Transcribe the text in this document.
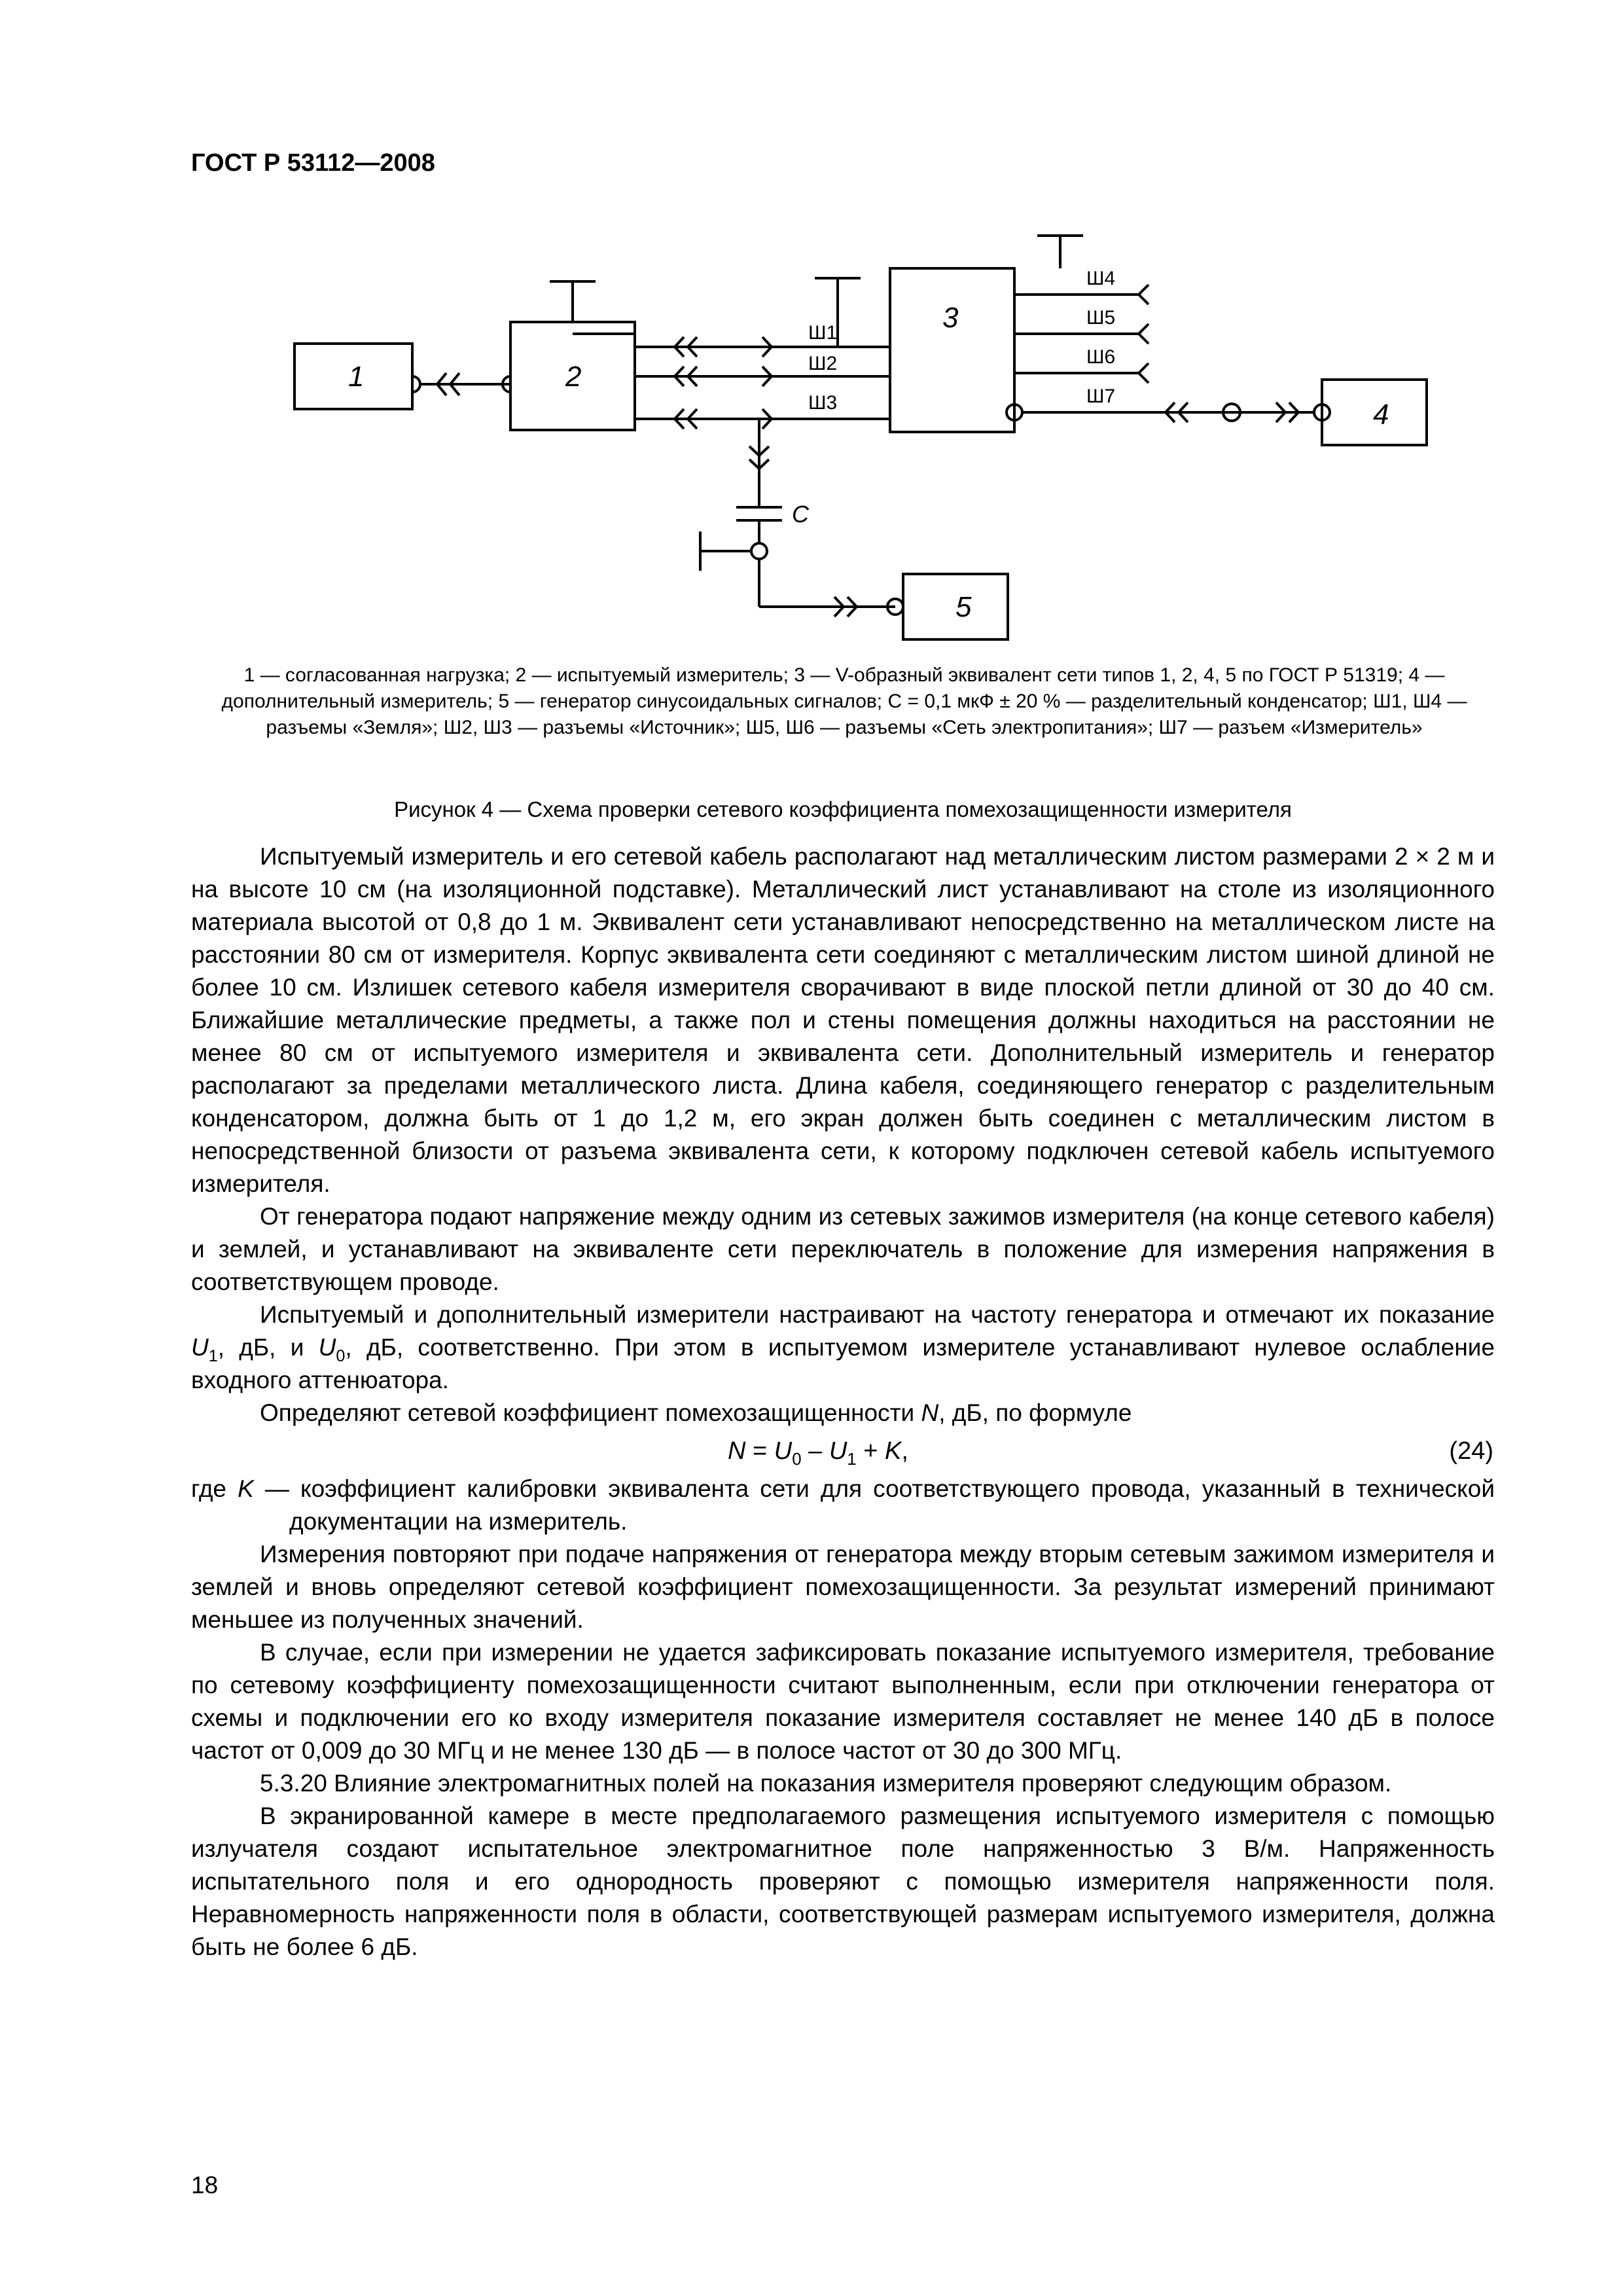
ГОСТ Р 53112—2008
1	2
3
4
5
C
Ш1
Ш2
Ш3
Ш4
Ш5
Ш6
Ш7
1 — согласованная нагрузка; 2 — испытуемый измеритель; 3 — V-образный эквивалент сети типов 1, 2, 4, 5 по ГОСТ Р 51319; 4 — дополнительный измеритель; 5 — генератор синусоидальных сигналов; С = 0,1 мкФ ± 20 % — разделительный конденсатор; Ш1, Ш4 — разъемы «Земля»; Ш2, Ш3 — разъемы «Источник»; Ш5, Ш6 — разъемы «Сеть электропитания»; Ш7 — разъем «Измеритель»
Рисунок 4 — Схема проверки сетевого коэффициента помехозащищенности измерителя

Испытуемый измеритель и его сетевой кабель располагают над металлическим листом размерами 2 × 2 м и на высоте 10 см (на изоляционной подставке). Металлический лист устанавливают на столе из изоляционного материала высотой от 0,8 до 1 м. Эквивалент сети устанавливают непосредственно на металлическом листе на расстоянии 80 см от измерителя. Корпус эквивалента сети соединяют с металлическим листом шиной длиной не более 10 см. Излишек сетевого кабеля измерителя сворачивают в виде плоской петли длиной от 30 до 40 см. Ближайшие металлические предметы, а также пол и стены помещения должны находиться на расстоянии не менее 80 см от испытуемого измерителя и эквивалента сети. Дополнительный измеритель и генератор располагают за пределами металлического листа. Длина кабеля, соединяющего генератор с разделительным конденсатором, должна быть от 1 до 1,2 м, его экран должен быть соединен с металлическим листом в непосредственной близости от разъема эквивалента сети, к которому подключен сетевой кабель испытуемого измерителя.

От генератора подают напряжение между одним из сетевых зажимов измерителя (на конце сетевого кабеля) и землей, и устанавливают на эквиваленте сети переключатель в положение для измерения напряжения в соответствующем проводе.

Испытуемый и дополнительный измерители настраивают на частоту генератора и отмечают их показание $U_1$, дБ, и $U_0$, дБ, соответственно. При этом в испытуемом измерителе устанавливают нулевое ослабление входного аттенюатора.

Определяют сетевой коэффициент помехозащищенности N, дБ, по формуле

$N = U_0 - U_1 + K$,	(24)

где K — коэффициент калибровки эквивалента сети для соответствующего провода, указанный в технической документации на измеритель.

Измерения повторяют при подаче напряжения от генератора между вторым сетевым зажимом измерителя и землей и вновь определяют сетевой коэффициент помехозащищенности. За результат измерений принимают меньшее из полученных значений.

В случае, если при измерении не удается зафиксировать показание испытуемого измерителя, требование по сетевому коэффициенту помехозащищенности считают выполненным, если при отключении генератора от схемы и подключении его ко входу измерителя показание измерителя составляет не менее 140 дБ в полосе частот от 0,009 до 30 МГц и не менее 130 дБ — в полосе частот от 30 до 300 МГц.

5.3.20 Влияние электромагнитных полей на показания измерителя проверяют следующим образом.

В экранированной камере в месте предполагаемого размещения испытуемого измерителя с помощью излучателя создают испытательное электромагнитное поле напряженностью 3 В/м. Напряженность испытательного поля и его однородность проверяют с помощью измерителя напряженности поля. Неравномерность напряженности поля в области, соответствующей размерам испытуемого измерителя, должна быть не более 6 дБ.

18
